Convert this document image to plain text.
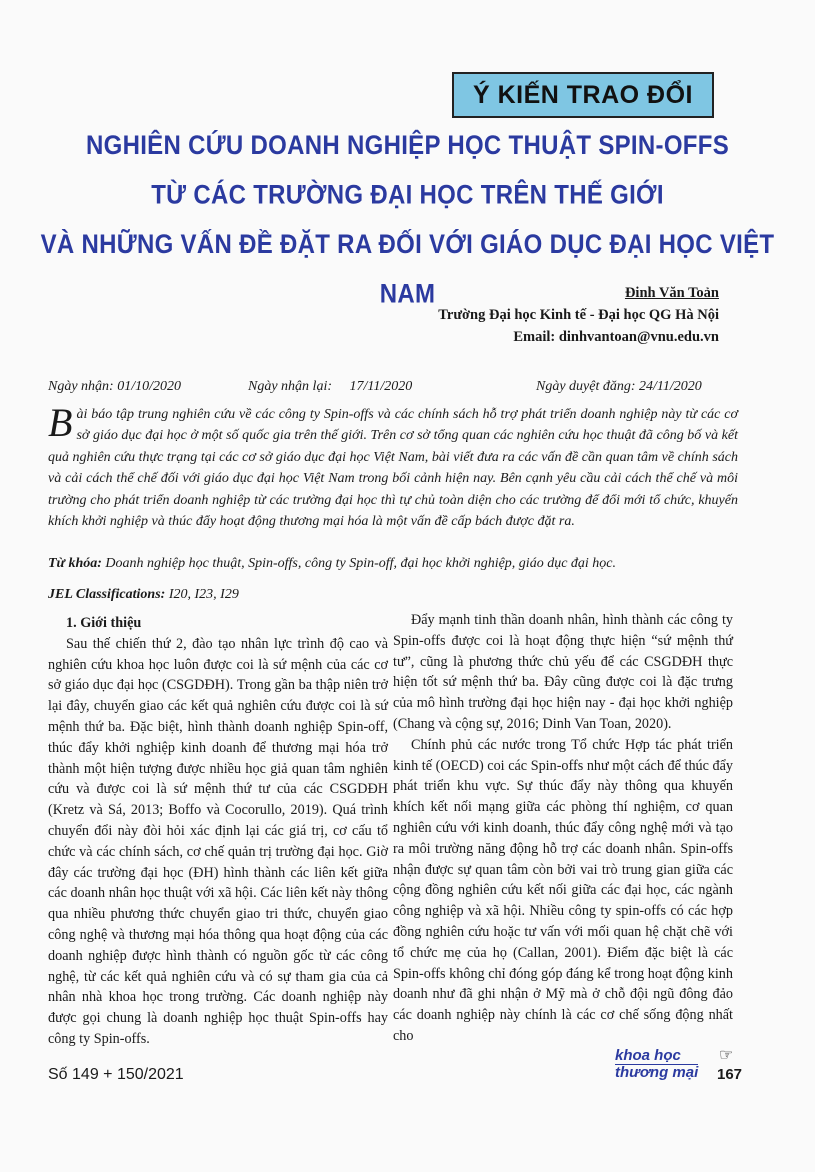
Ý KIẾN TRAO ĐỔI
NGHIÊN CỨU DOANH NGHIỆP HỌC THUẬT SPIN-OFFS
TỪ CÁC TRƯỜNG ĐẠI HỌC TRÊN THẾ GIỚI
VÀ NHỮNG VẤN ĐỀ ĐẶT RA ĐỐI VỚI GIÁO DỤC ĐẠI HỌC VIỆT NAM	Đinh Văn Toản
Trường Đại học Kinh tế - Đại học QG Hà Nội
Email: dinhvantoan@vnu.edu.vn
Ngày nhận: 01/10/2020	Ngày nhận lại: 17/11/2020	Ngày duyệt đăng: 24/11/2020
Bài báo tập trung nghiên cứu về các công ty Spin-offs và các chính sách hỗ trợ phát triển doanh nghiệp này từ các cơ sở giáo dục đại học ở một số quốc gia trên thế giới. Trên cơ sở tổng quan các nghiên cứu học thuật đã công bố và kết quả nghiên cứu thực trạng tại các cơ sở giáo dục đại học Việt Nam, bài viết đưa ra các vấn đề cần quan tâm về chính sách và cải cách thể chế đối với giáo dục đại học Việt Nam trong bối cảnh hiện nay. Bên cạnh yêu cầu cải cách thể chế và môi trường cho phát triển doanh nghiệp từ các trường đại học thì tự chủ toàn diện cho các trường để đổi mới tổ chức, khuyến khích khởi nghiệp và thúc đẩy hoạt động thương mại hóa là một vấn đề cấp bách được đặt ra.
Từ khóa: Doanh nghiệp học thuật, Spin-offs, công ty Spin-off, đại học khởi nghiệp, giáo dục đại học.
JEL Classifications: I20, I23, I29
1. Giới thiệu

Sau thế chiến thứ 2, đào tạo nhân lực trình độ cao và nghiên cứu khoa học luôn được coi là sứ mệnh của các cơ sở giáo dục đại học (CSGDĐH). Trong gần ba thập niên trở lại đây, chuyển giao các kết quả nghiên cứu được coi là sứ mệnh thứ ba. Đặc biệt, hình thành doanh nghiệp Spin-off, thúc đẩy khởi nghiệp kinh doanh để thương mại hóa trở thành một hiện tượng được nhiều học giả quan tâm nghiên cứu và được coi là sứ mệnh thứ tư của các CSGDĐH (Kretz và Sá, 2013; Boffo và Cocorullo, 2019). Quá trình chuyển đổi này đòi hỏi xác định lại các giá trị, cơ cấu tổ chức và các chính sách, cơ chế quản trị trường đại học. Giờ đây các trường đại học (ĐH) hình thành các liên kết giữa các doanh nhân học thuật với xã hội. Các liên kết này thông qua nhiều phương thức chuyển giao tri thức, chuyển giao công nghệ và thương mại hóa thông qua hoạt động của các doanh nghiệp được hình thành có nguồn gốc từ các công nghệ, từ các kết quả nghiên cứu và có sự tham gia của cả nhân nhà khoa học trong trường. Các doanh nghiệp này được gọi chung là doanh nghiệp học thuật Spin-offs hay công ty Spin-offs.

Đẩy mạnh tinh thần doanh nhân, hình thành các công ty Spin-offs được coi là hoạt động thực hiện “sứ mệnh thứ tư”, cũng là phương thức chủ yếu để các CSGDĐH thực hiện tốt sứ mệnh thứ ba. Đây cũng được coi là đặc trưng của mô hình trường đại học hiện nay - đại học khởi nghiệp (Chang và cộng sự, 2016; Dinh Van Toan, 2020).

Chính phủ các nước trong Tổ chức Hợp tác phát triển kinh tế (OECD) coi các Spin-offs như một cách để thúc đẩy phát triển khu vực. Sự thúc đẩy này thông qua khuyến khích kết nối mạng giữa các phòng thí nghiệm, cơ quan nghiên cứu với kinh doanh, thúc đẩy công nghệ mới và tạo ra môi trường năng động hỗ trợ các doanh nhân. Spin-offs nhận được sự quan tâm còn bởi vai trò trung gian giữa các cộng đồng nghiên cứu kết nối giữa các đại học, các ngành công nghiệp và xã hội. Nhiều công ty spin-offs có các hợp đồng nghiên cứu hoặc tư vấn với mối quan hệ chặt chẽ với tổ chức mẹ của họ (Callan, 2001). Điểm đặc biệt là các Spin-offs không chỉ đóng góp đáng kể trong hoạt động kinh doanh như đã ghi nhận ở Mỹ mà ở chỗ đội ngũ đông đảo các doanh nghiệp này chính là các cơ chế sống động nhất cho

Số 149 + 150/2021
khoa học
thương mại
☞
167
